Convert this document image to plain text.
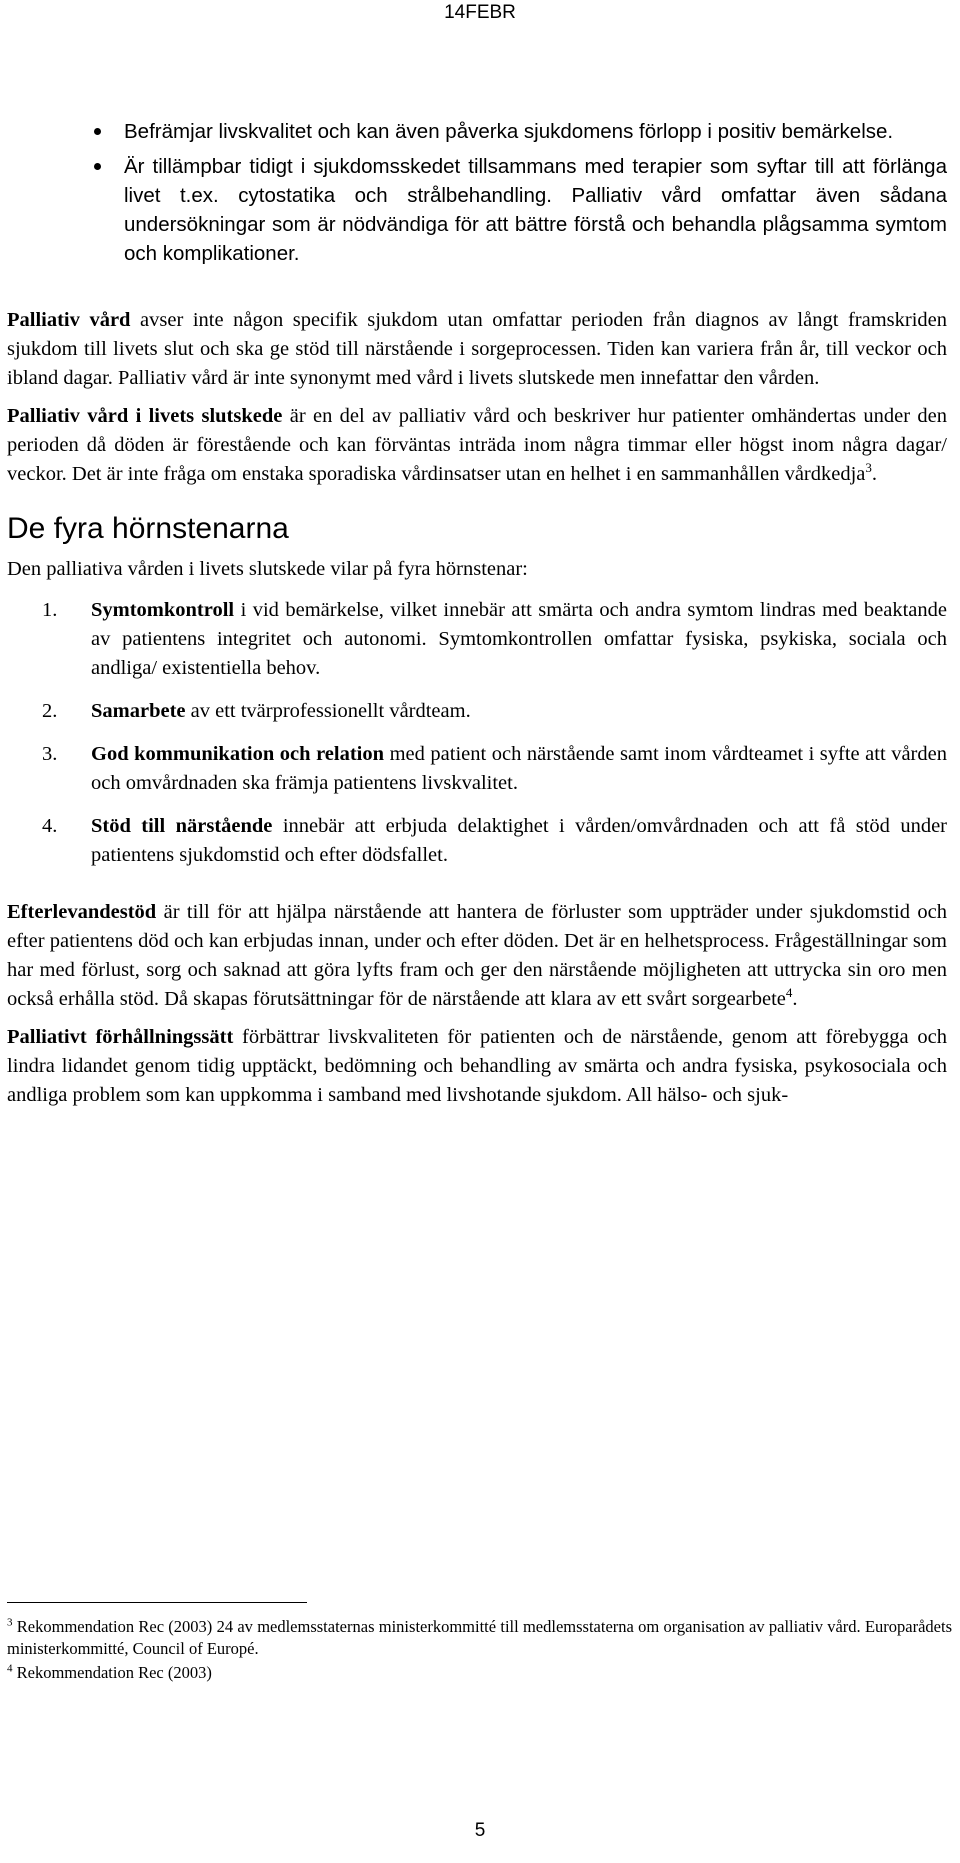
14FEBR
Befrämjar livskvalitet och kan även påverka sjukdomens förlopp i positiv bemärkelse.
Är tillämpbar tidigt i sjukdomsskedet tillsammans med terapier som syftar till att förlänga livet t.ex. cytostatika och strålbehandling. Palliativ vård omfattar även sådana undersökningar som är nödvändiga för att bättre förstå och behandla plågsamma symtom och komplikationer.

Palliativ vård avser inte någon specifik sjukdom utan omfattar perioden från diagnos av långt framskriden sjukdom till livets slut och ska ge stöd till närstående i sorgeprocessen. Tiden kan variera från år, till veckor och ibland dagar. Palliativ vård är inte synonymt med vård i livets slutskede men innefattar den vården.

Palliativ vård i livets slutskede är en del av palliativ vård och beskriver hur patienter omhändertas under den perioden då döden är förestående och kan förväntas inträda inom några timmar eller högst inom några dagar/ veckor. Det är inte fråga om enstaka sporadiska vårdinsatser utan en helhet i en sammanhållen vårdkedja$^3$.

De fyra hörnstenarna

Den palliativa vården i livets slutskede vilar på fyra hörnstenar:

1. Symtomkontroll i vid bemärkelse, vilket innebär att smärta och andra symtom lindras med beaktande av patientens integritet och autonomi. Symtomkontrollen omfattar fysiska, psykiska, sociala och andliga/ existentiella behov.
2. Samarbete av ett tvärprofessionellt vårdteam.
3. God kommunikation och relation med patient och närstående samt inom vårdteamet i syfte att vården och omvårdnaden ska främja patientens livskvalitet.
4. Stöd till närstående innebär att erbjuda delaktighet i vården/omvårdnaden och att få stöd under patientens sjukdomstid och efter dödsfallet.

Efterlevandestöd är till för att hjälpa närstående att hantera de förluster som uppträder under sjukdomstid och efter patientens död och kan erbjudas innan, under och efter döden. Det är en helhetsprocess. Frågeställningar som har med förlust, sorg och saknad att göra lyfts fram och ger den närstående möjligheten att uttrycka sin oro men också erhålla stöd. Då skapas förutsättningar för de närstående att klara av ett svårt sorgearbete$^4$.

Palliativt förhållningssätt förbättrar livskvaliteten för patienten och de närstående, genom att förebygga och lindra lidandet genom tidig upptäckt, bedömning och behandling av smärta och andra fysiska, psykosociala och andliga problem som kan uppkomma i samband med livshotande sjukdom. All hälso- och sjuk-

$^3$ Rekommendation Rec (2003) 24 av medlemsstaternas ministerkommitté till medlemsstaterna om organisation av palliativ vård. Europarådets ministerkommitté, Council of Europé.

$^4$ Rekommendation Rec (2003)

5
